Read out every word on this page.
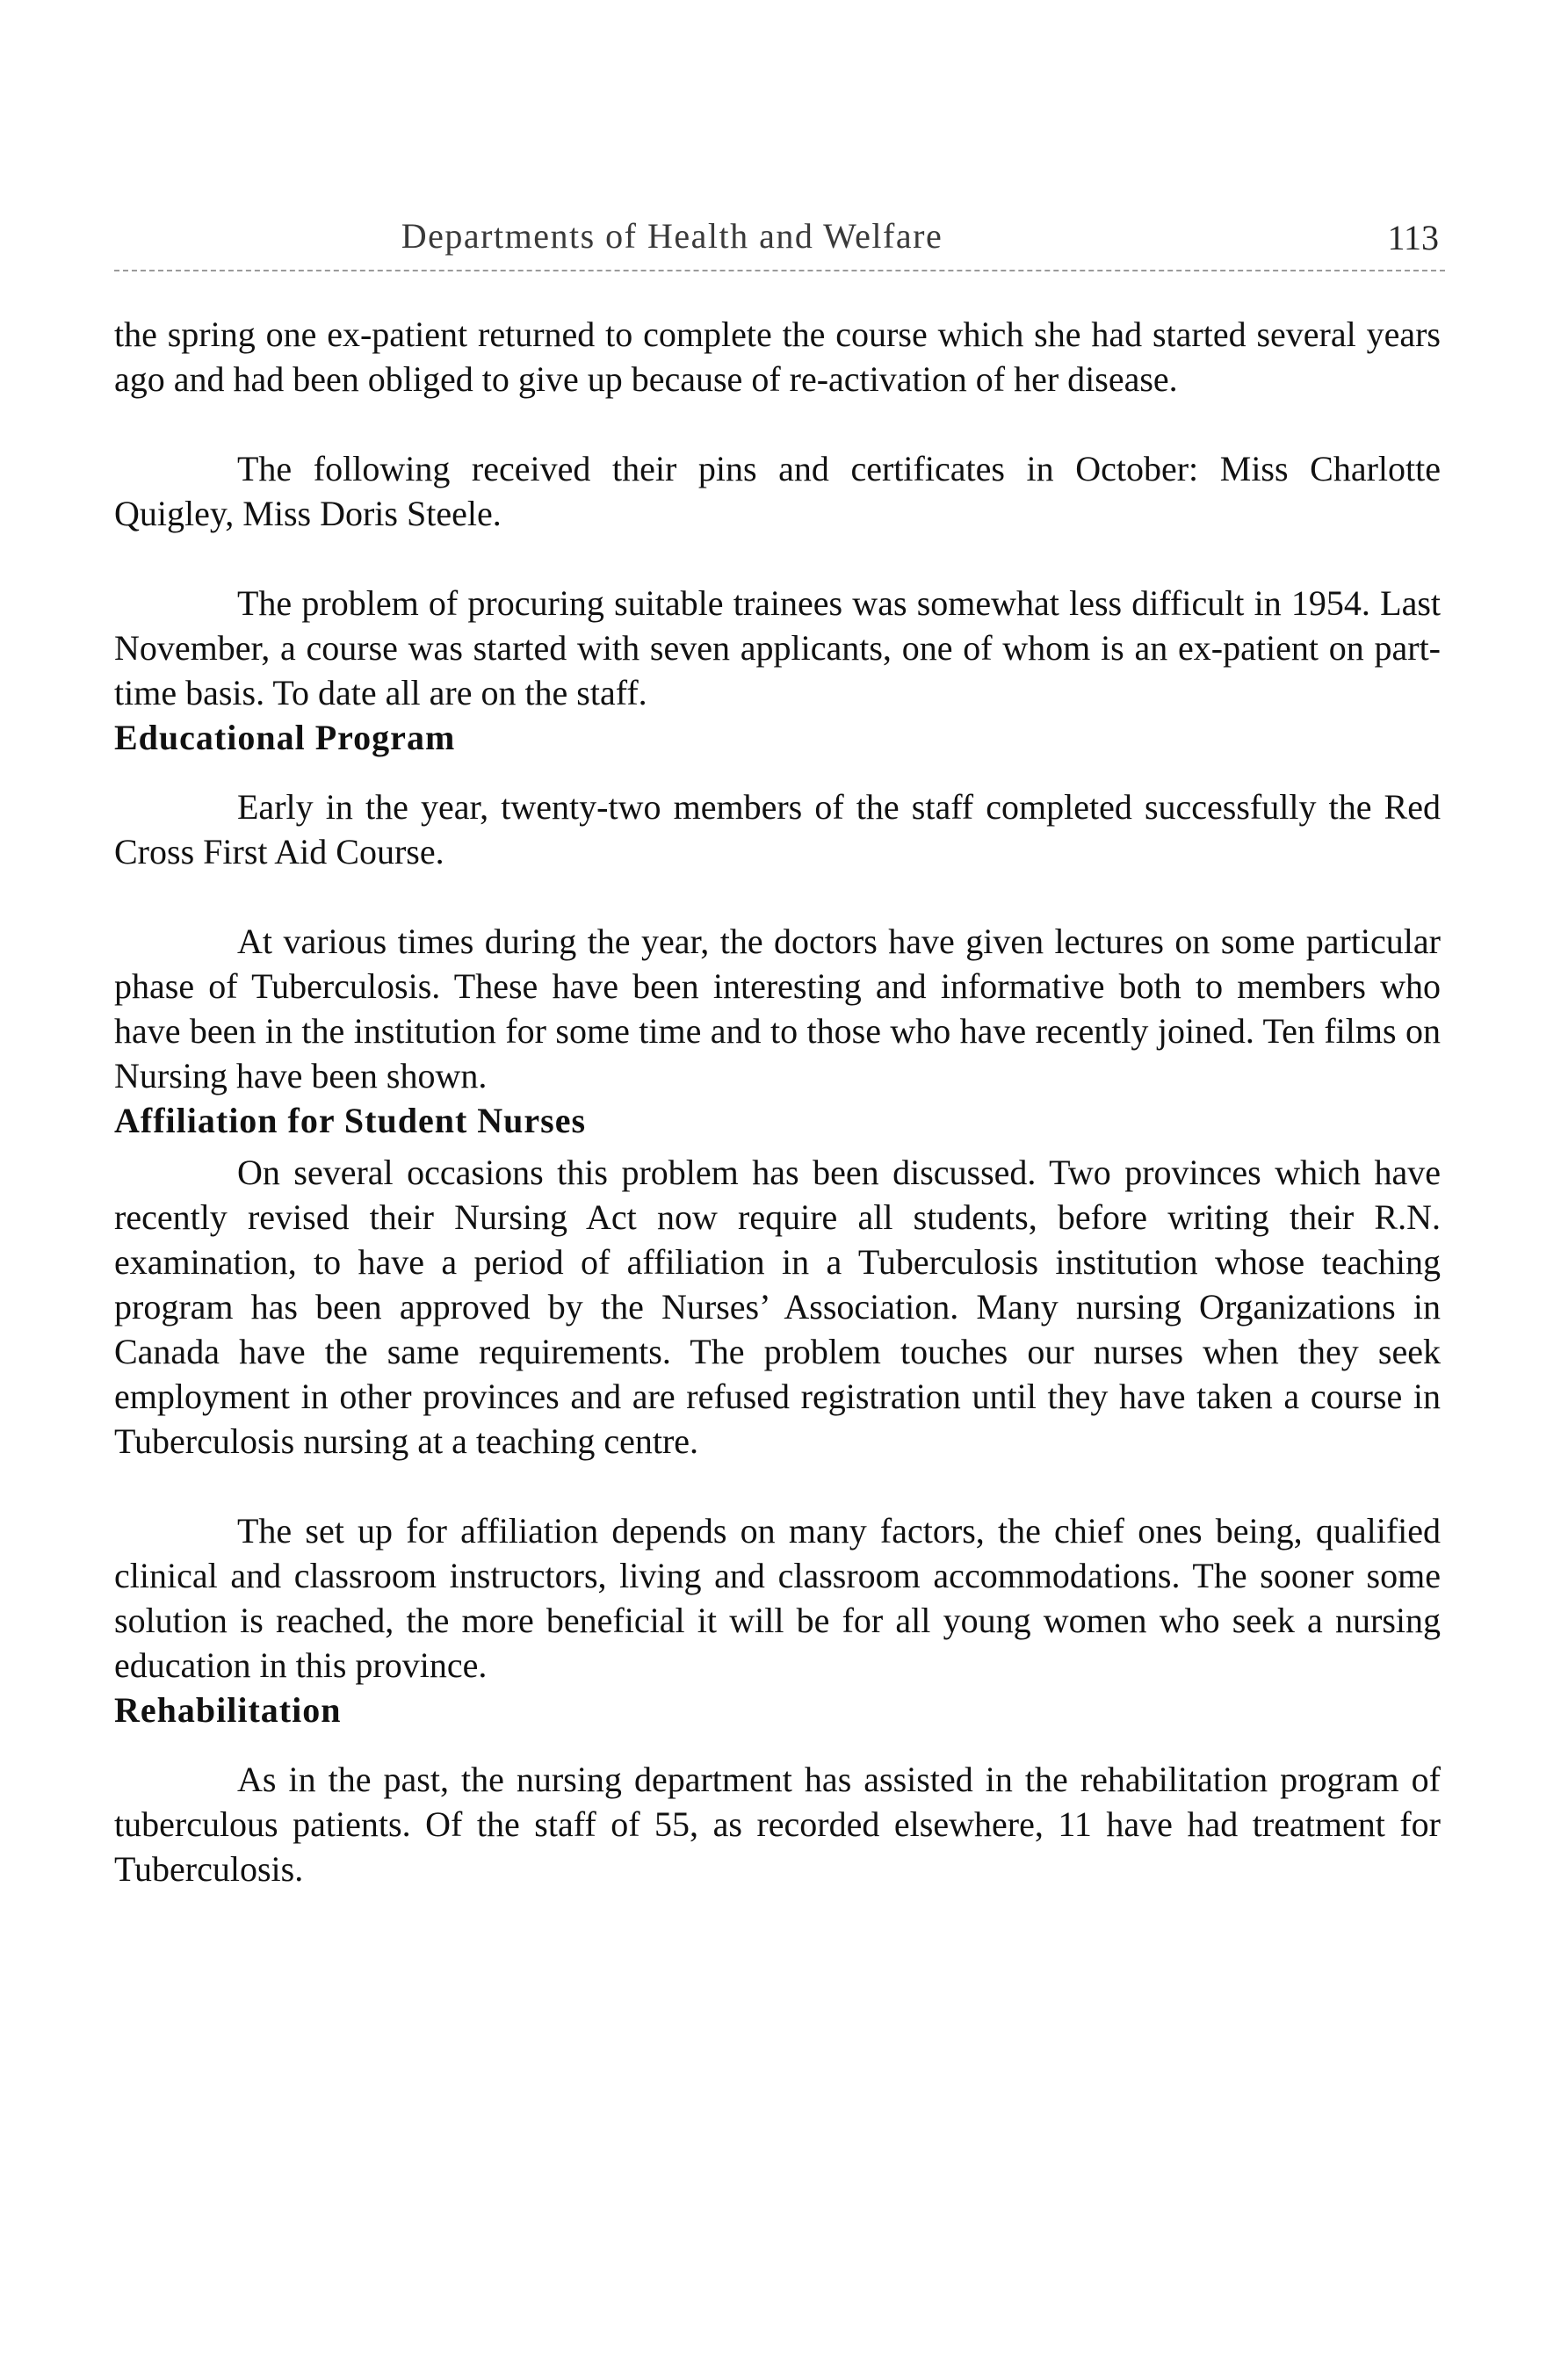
Departments of Health and Welfare	113

the spring one ex-patient returned to complete the course which she had started several years ago and had been obliged to give up because of re-activation of her disease.

The following received their pins and certificates in October: Miss Charlotte Quigley, Miss Doris Steele.

The problem of procuring suitable trainees was somewhat less difficult in 1954. Last November, a course was started with seven applicants, one of whom is an ex-patient on part-time basis. To date all are on the staff.

Educational Program

Early in the year, twenty-two members of the staff completed successfully the Red Cross First Aid Course.

At various times during the year, the doctors have given lectures on some particular phase of Tuberculosis. These have been interesting and informative both to members who have been in the institution for some time and to those who have recently joined. Ten films on Nursing have been shown.

Affiliation for Student Nurses

On several occasions this problem has been discussed. Two provinces which have recently revised their Nursing Act now require all students, before writing their R.N. examination, to have a period of affiliation in a Tuberculosis institution whose teaching program has been approved by the Nurses’ Association. Many nursing Organizations in Canada have the same requirements. The problem touches our nurses when they seek employment in other provinces and are refused registration until they have taken a course in Tuberculosis nursing at a teaching centre.

The set up for affiliation depends on many factors, the chief ones being, qualified clinical and classroom instructors, living and classroom accommodations. The sooner some solution is reached, the more beneficial it will be for all young women who seek a nursing education in this province.

Rehabilitation

As in the past, the nursing department has assisted in the rehabilitation program of tuberculous patients. Of the staff of 55, as recorded elsewhere, 11 have had treatment for Tuberculosis.
